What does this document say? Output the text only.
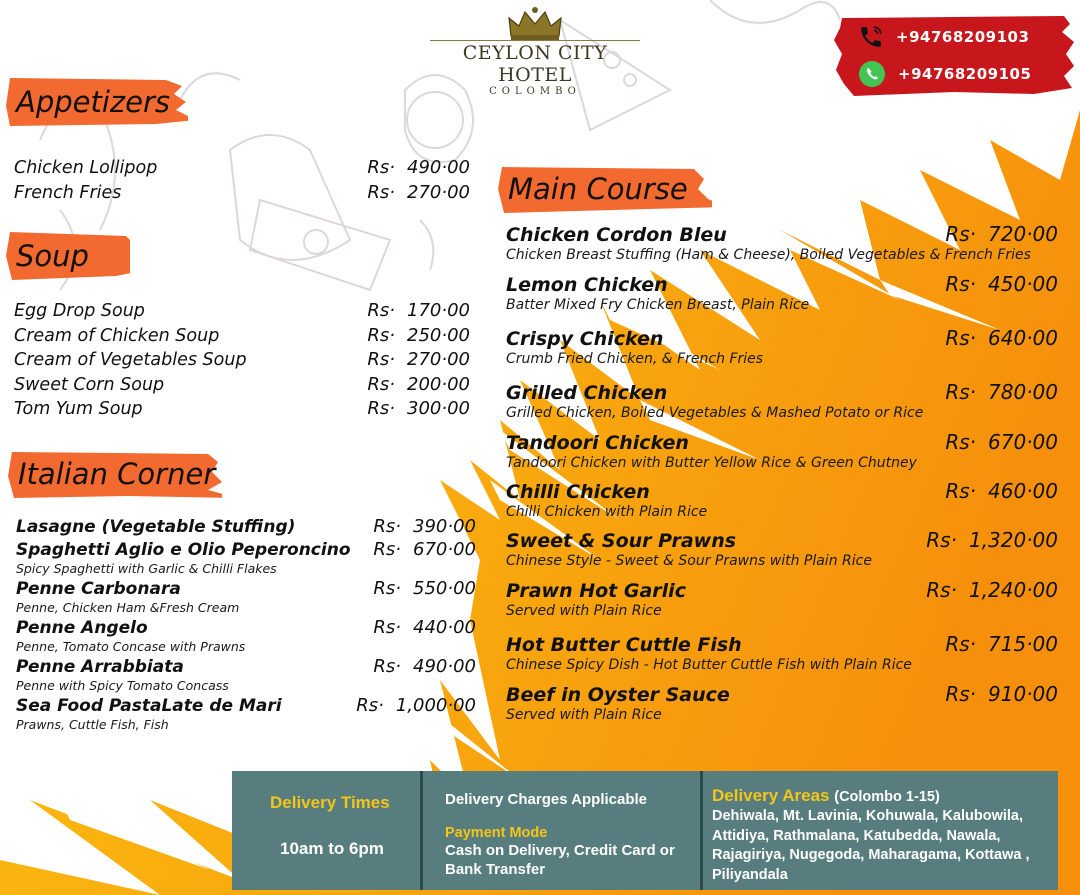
CEYLON CITY HOTEL
COLOMBO
+94768209103
+94768209105
Appetizers
Chicken Lollipop	Rs· 490·00
French Fries	Rs· 270·00
Soup
Egg Drop Soup	Rs· 170·00
Cream of Chicken Soup	Rs· 250·00
Cream of Vegetables Soup	Rs· 270·00
Sweet Corn Soup	Rs· 200·00
Tom Yum Soup	Rs· 300·00
Italian Corner
Lasagne (Vegetable Stuffing)	Rs· 390·00
Spaghetti Aglio e Olio Peperoncino Rs· 670·00
Spicy Spaghetti with Garlic & Chilli Flakes
Penne Carbonara	Rs· 550·00
Penne, Chicken Ham &Fresh Cream
Penne Angelo	Rs· 440·00
Penne, Tomato Concase with Prawns
Penne Arrabbiata	Rs· 490·00
Penne with Spicy Tomato Concass
Sea Food PastaLate de Mari	Rs· 1,000·00
Prawns, Cuttle Fish, Fish
Main Course
Chicken Cordon Bleu	Rs· 720·00
Chicken Breast Stuffing (Ham & Cheese), Boiled Vegetables & French Fries
Lemon Chicken	Rs· 450·00
Batter Mixed Fry Chicken Breast, Plain Rice
Crispy Chicken	Rs· 640·00
Crumb Fried Chicken, & French Fries
Grilled Chicken	Rs· 780·00
Grilled Chicken, Boiled Vegetables & Mashed Potato or Rice
Tandoori Chicken	Rs· 670·00
Tandoori Chicken with Butter Yellow Rice & Green Chutney
Chilli Chicken	Rs· 460·00
Chilli Chicken with Plain Rice
Sweet & Sour Prawns	Rs· 1,320·00
Chinese Style - Sweet & Sour Prawns with Plain Rice
Prawn Hot Garlic	Rs· 1,240·00
Served with Plain Rice
Hot Butter Cuttle Fish	Rs· 715·00
Chinese Spicy Dish - Hot Butter Cuttle Fish with Plain Rice
Beef in Oyster Sauce	Rs· 910·00
Served with Plain Rice
Delivery Times
10am to 6pm
Delivery Charges Applicable
Payment Mode
Cash on Delivery, Credit Card or Bank Transfer
Delivery Areas (Colombo 1-15)
Dehiwala, Mt. Lavinia, Kohuwala, Kalubowila, Attidiya, Rathmalana, Katubedda, Nawala, Rajagiriya, Nugegoda, Maharagama, Kottawa , Piliyandala
